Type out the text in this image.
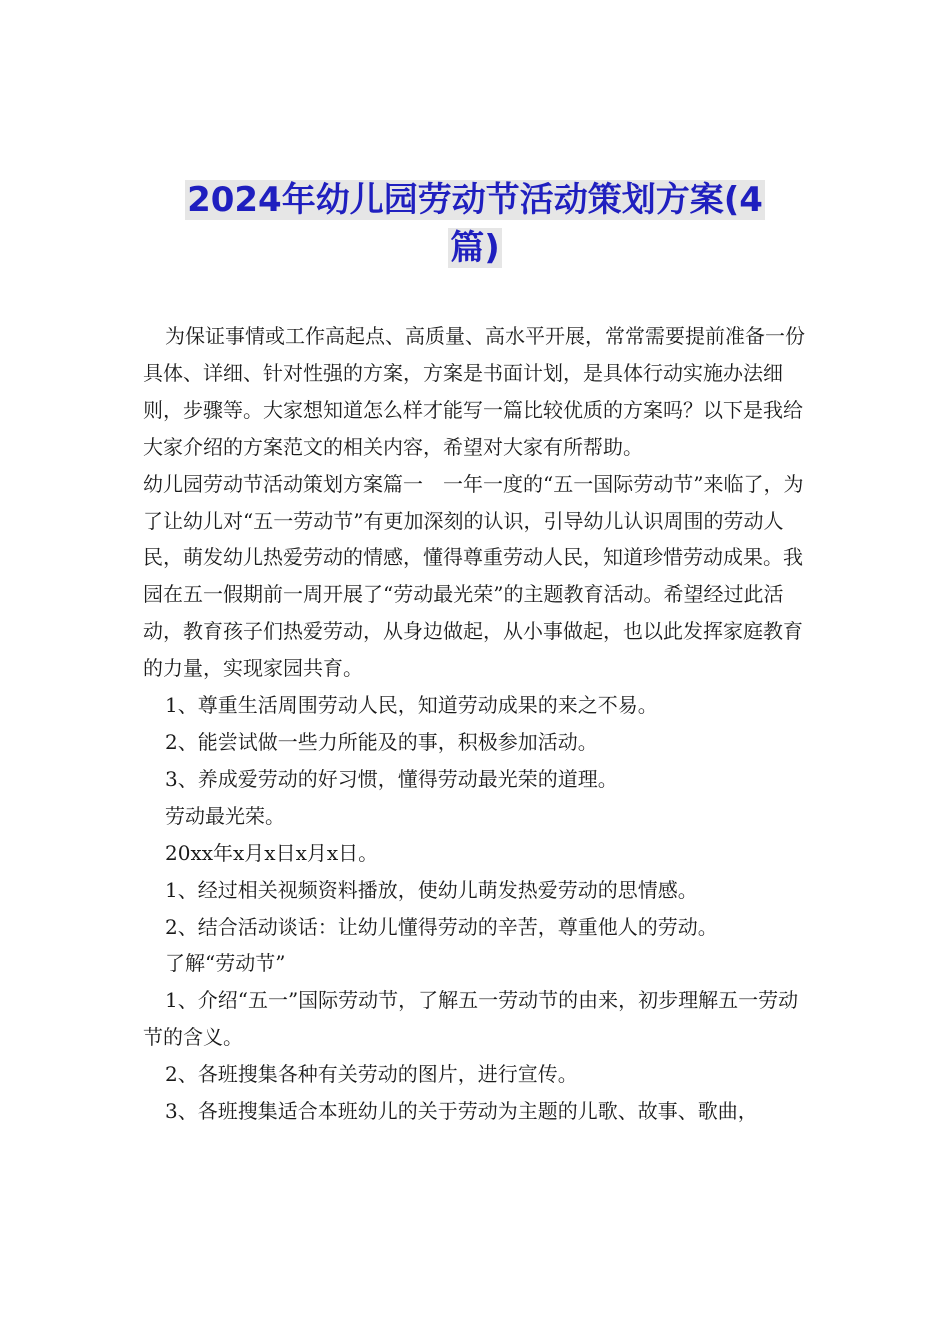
2024年幼儿园劳动节活动策划方案(4
篇)

为保证事情或工作高起点、高质量、高水平开展，常常需要提前准备一份具体、详细、针对性强的方案，方案是书面计划，是具体行动实施办法细则，步骤等。大家想知道怎么样才能写一篇比较优质的方案吗？以下是我给大家介绍的方案范文的相关内容，希望对大家有所帮助。

幼儿园劳动节活动策划方案篇一　一年一度的“五一国际劳动节”来临了，为了让幼儿对“五一劳动节”有更加深刻的认识，引导幼儿认识周围的劳动人民，萌发幼儿热爱劳动的情感，懂得尊重劳动人民，知道珍惜劳动成果。我园在五一假期前一周开展了“劳动最光荣”的主题教育活动。希望经过此活动，教育孩子们热爱劳动，从身边做起，从小事做起，也以此发挥家庭教育的力量，实现家园共育。

1、尊重生活周围劳动人民，知道劳动成果的来之不易。

2、能尝试做一些力所能及的事，积极参加活动。

3、养成爱劳动的好习惯，懂得劳动最光荣的道理。

劳动最光荣。

20xx年x月x日x月x日。

1、经过相关视频资料播放，使幼儿萌发热爱劳动的思情感。

2、结合活动谈话：让幼儿懂得劳动的辛苦，尊重他人的劳动。

了解“劳动节”

1、介绍“五一”国际劳动节，了解五一劳动节的由来，初步理解五一劳动节的含义。

2、各班搜集各种有关劳动的图片，进行宣传。

3、各班搜集适合本班幼儿的关于劳动为主题的儿歌、故事、歌曲，
